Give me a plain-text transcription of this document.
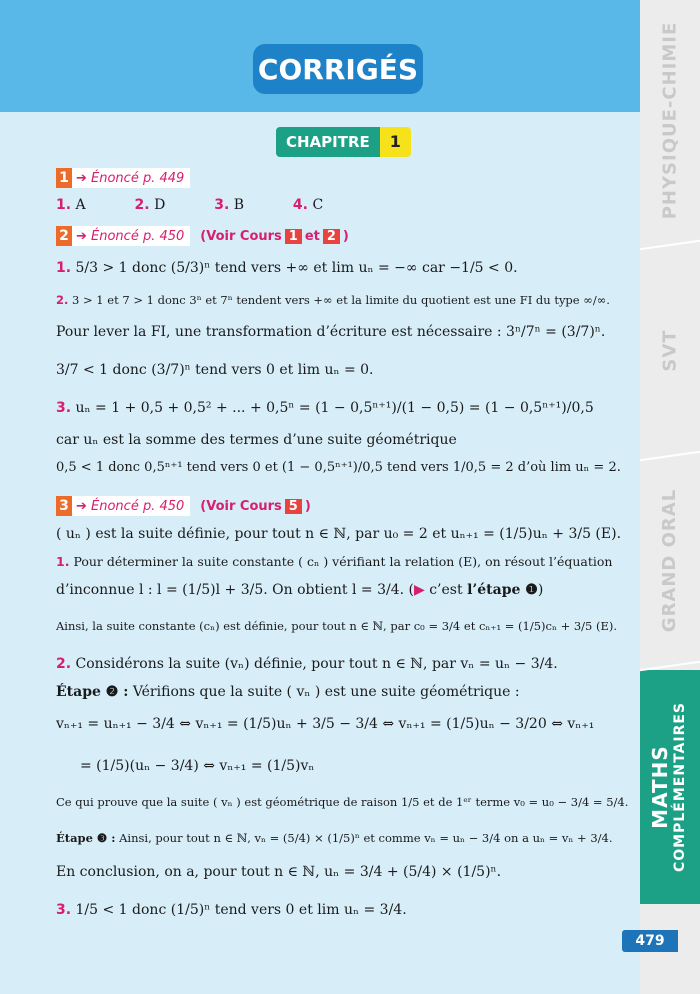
PHYSIQUE-CHIMIE
SVT
GRAND ORAL
MATHS COMPLÉMENTAIRES
479
CORRIGÉS
CHAPITRE	1
1 ➔ Énoncé p. 449
1. A	2. D	3. B	4. C
2 ➔ Énoncé p. 450 (Voir Cours 1 et 2 )
1. 5/3 > 1 donc (5/3)ⁿ tend vers +∞ et lim uₙ = −∞ car −1/5 < 0.
2. 3 > 1 et 7 > 1 donc 3ⁿ et 7ⁿ tendent vers +∞ et la limite du quotient est une FI du type ∞/∞.
Pour lever la FI, une transformation d’écriture est nécessaire : 3ⁿ/7ⁿ = (3/7)ⁿ.
3/7 < 1 donc (3/7)ⁿ tend vers 0 et lim uₙ = 0.
3. uₙ = 1 + 0,5 + 0,5² + ... + 0,5ⁿ = (1 − 0,5ⁿ⁺¹)/(1 − 0,5) = (1 − 0,5ⁿ⁺¹)/0,5
car uₙ est la somme des termes d’une suite géométrique
0,5 < 1 donc 0,5ⁿ⁺¹ tend vers 0 et (1 − 0,5ⁿ⁺¹)/0,5 tend vers 1/0,5 = 2 d’où lim uₙ = 2.
3 ➔ Énoncé p. 450 (Voir Cours 5 )
( uₙ ) est la suite définie, pour tout n ∈ ℕ, par u₀ = 2 et uₙ₊₁ = (1/5)uₙ + 3/5 (E).
1. Pour déterminer la suite constante ( cₙ ) vérifiant la relation (E), on résout l’équation
d’inconnue l : l = (1/5)l + 3/5. On obtient l = 3/4. (▶ c’est l’étape ❶)
Ainsi, la suite constante (cₙ) est définie, pour tout n ∈ ℕ, par c₀ = 3/4 et cₙ₊₁ = (1/5)cₙ + 3/5 (E).
2. Considérons la suite (vₙ) définie, pour tout n ∈ ℕ, par vₙ = uₙ − 3/4.
Étape ❷ : Vérifions que la suite ( vₙ ) est une suite géométrique :
vₙ₊₁ = uₙ₊₁ − 3/4 ⇔ vₙ₊₁ = (1/5)uₙ + 3/5 − 3/4 ⇔ vₙ₊₁ = (1/5)uₙ − 3/20 ⇔ vₙ₊₁
= (1/5)(uₙ − 3/4) ⇔ vₙ₊₁ = (1/5)vₙ
Ce qui prouve que la suite ( vₙ ) est géométrique de raison 1/5 et de 1ᵉʳ terme v₀ = u₀ − 3/4 = 5/4.
Étape ❸ : Ainsi, pour tout n ∈ ℕ, vₙ = (5/4) × (1/5)ⁿ et comme vₙ = uₙ − 3/4 on a uₙ = vₙ + 3/4.
En conclusion, on a, pour tout n ∈ ℕ, uₙ = 3/4 + (5/4) × (1/5)ⁿ.
3. 1/5 < 1 donc (1/5)ⁿ tend vers 0 et lim uₙ = 3/4.
